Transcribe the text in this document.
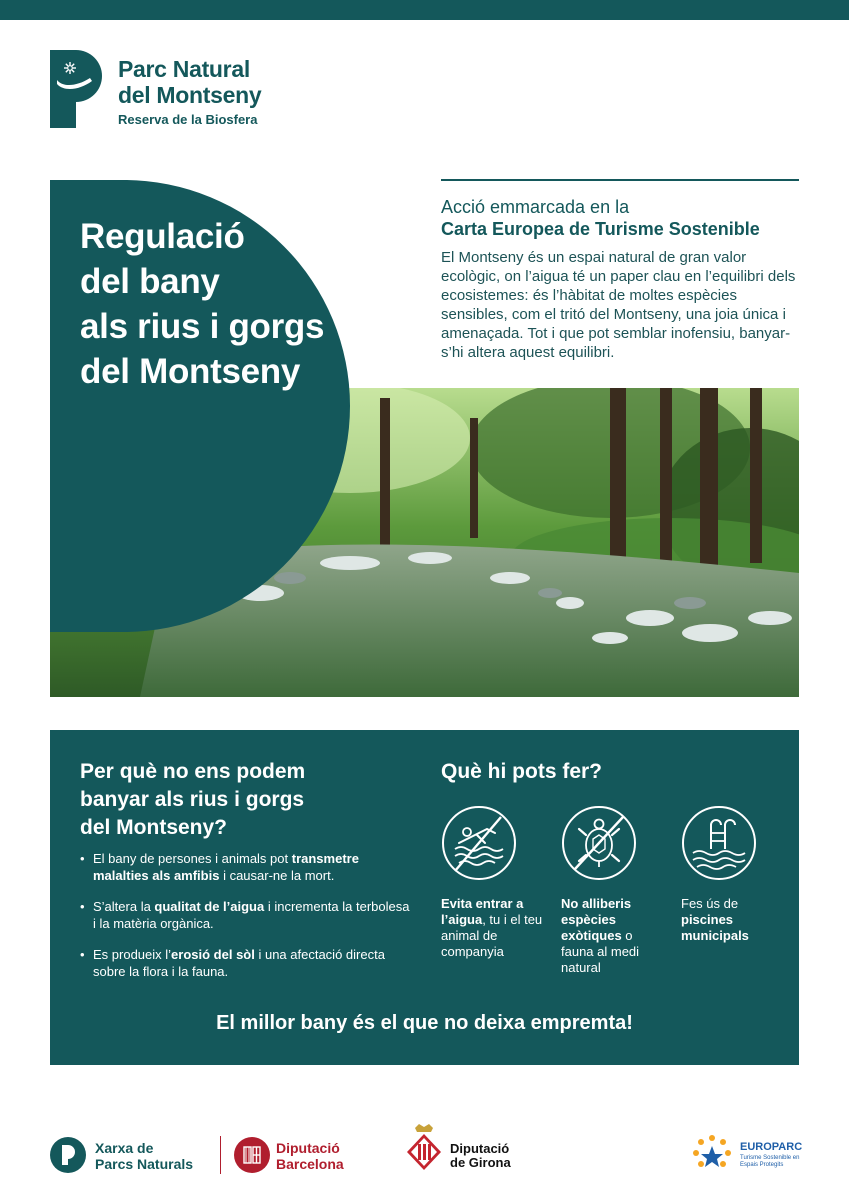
Parc Natural
del Montseny
Reserva de la Biosfera
Regulació
del bany
als rius i gorgs
del Montseny
Acció emmarcada en la
Carta Europea de Turisme Sostenible
El Montseny és un espai natural de gran valor ecològic, on l’aigua té un paper clau en l’equilibri dels ecosistemes: és l’hàbitat de moltes espècies sensibles, com el tritó del Montseny, una joia única i amenaçada. Tot i que pot semblar inofensiu, banyar-s’hi altera aquest equilibri.
Per què no ens podem
banyar als rius i gorgs
del Montseny?
• El bany de persones i animals pot transmetre malalties als amfibis i causar-ne la mort.
• S’altera la qualitat de l’aigua i incrementa la terbolesa i la matèria orgànica.
• Es produeix l’erosió del sòl i una afectació directa sobre la flora i la fauna.
Què hi pots fer?
Evita entrar a l’aigua, tu i el teu animal de companyia
No alliberis espècies exòtiques o fauna al medi natural
Fes ús de piscines municipals
El millor bany és el que no deixa empremta!
Xarxa de
Parcs Naturals
Diputació
Barcelona
Diputació
de Girona
EUROPARC
Turisme Sostenible en Espais Protegits
